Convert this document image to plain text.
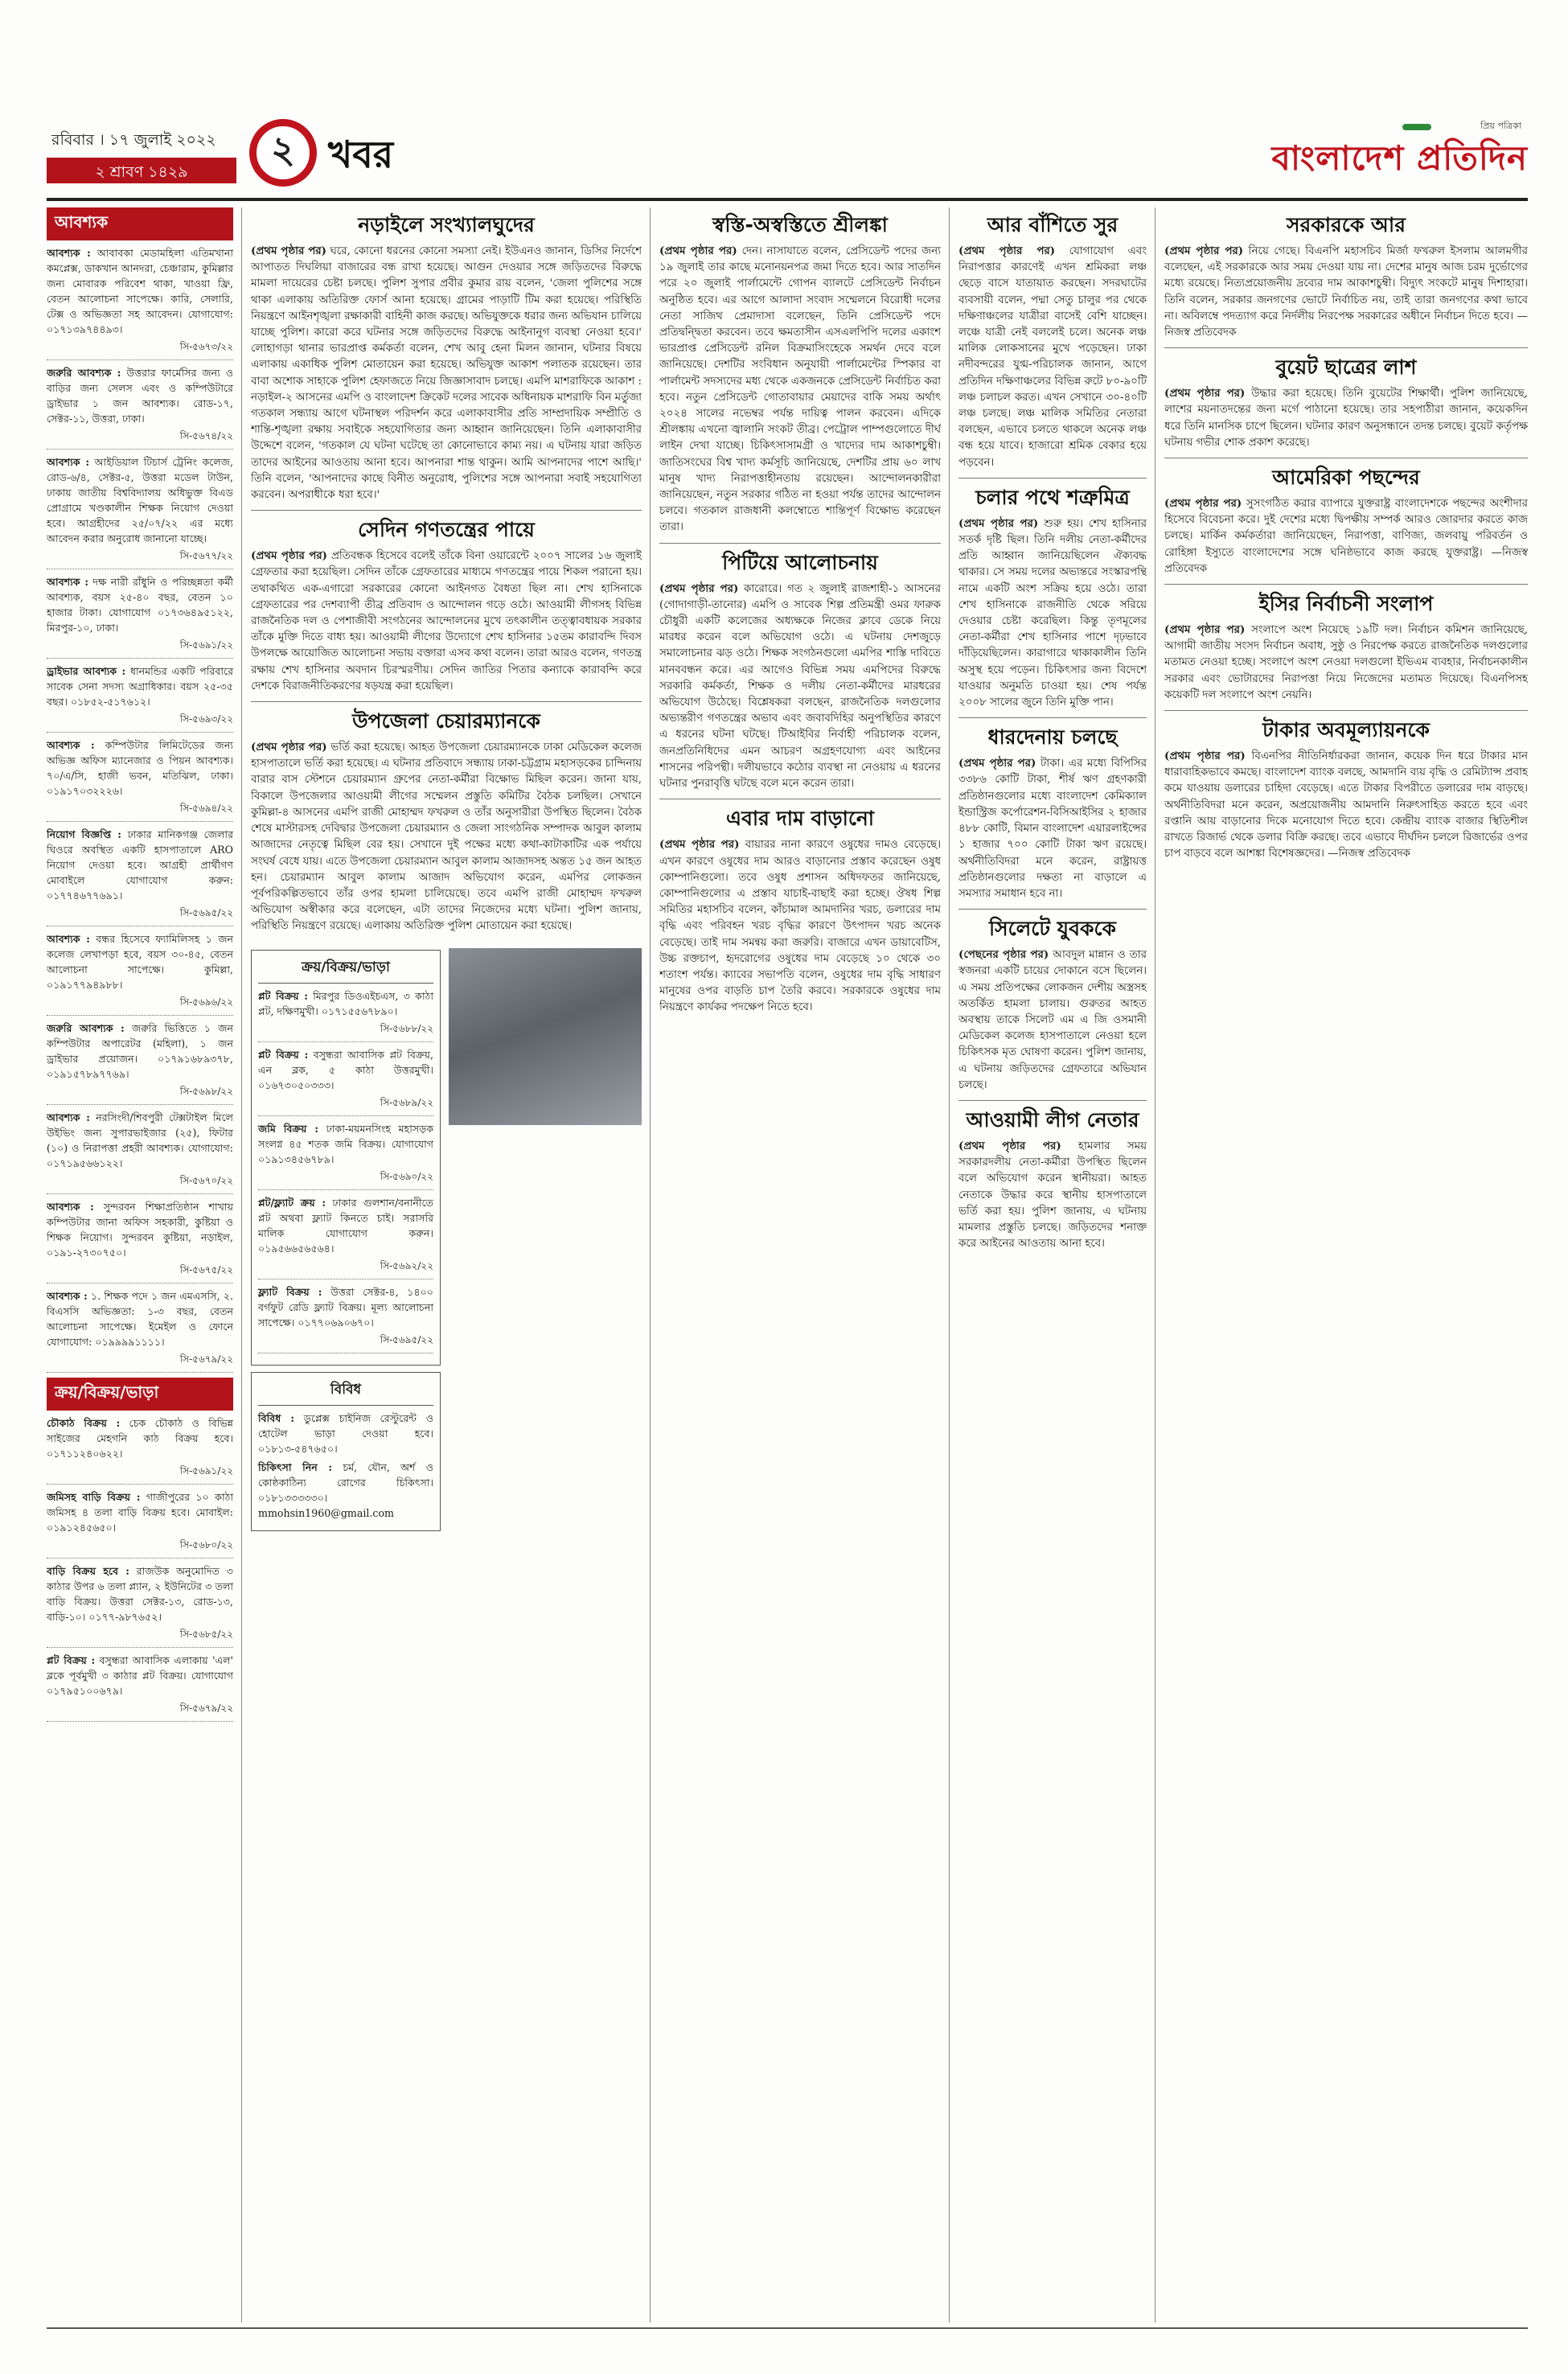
রবিবার । ১৭ জুলাই ২০২২
২ শ্রাবণ ১৪২৯
২ খবর
প্রিয় পত্রিকা
বাংলাদেশ প্রতিদিন
আবশ্যক
আবশ্যক : আবাবকা মেডামহিলা এতিমখানা কমপ্লেক্স, ডাকখান আনদরা, চেঞ্চারাম, কুমিল্লার জন্য মোবারক পরিবেশ থাকা, খাওয়া ফ্রি, বেতন আলোচনা সাপেক্ষে। কারি, সেলারি, টেক্স ও অভিজ্ঞতা সহ আবেদন। যোগাযোগ: ০১৭১৩৯৭৪৪৯৩।
সি-৫৬৭৩/২২
জরুরি আবশ্যক : উত্তরার ফার্মেসির জন্য ও বাড়ির জন্য সেলস এবং ও কম্পিউটারে ড্রাইভার ১ জন আবশ্যক। রোড-১৭, সেক্টর-১১, উত্তরা, ঢাকা।
সি-৫৬৭৪/২২
আবশ্যক : আইডিয়াল টিচার্স ট্রেনিং কলেজ, রোড-৬/৪, সেক্টর-৫, উত্তরা মডেল টাউন, ঢাকায় জাতীয় বিশ্ববিদ্যালয় অধিভুক্ত বিএড প্রোগ্রামে খণ্ডকালীন শিক্ষক নিয়োগ দেওয়া হবে। আগ্রহীদের ২৫/০৭/২২ এর মধ্যে আবেদন করার অনুরোধ জানানো যাচ্ছে।
সি-৫৬৭৭/২২
আবশ্যক : দক্ষ নারী রাঁধুনি ও পরিচ্ছন্নতা কর্মী আবশ্যক, বয়স ২৫-৪০ বছর, বেতন ১০ হাজার টাকা। যোগাযোগ ০১৭৩৬৪৯৫১২২, মিরপুর-১০, ঢাকা।
সি-৫৬৯১/২২
ড্রাইভার আবশ্যক : ধানমন্ডির একটি পরিবারে সাবেক সেনা সদস্য অগ্রাধিকার। বয়স ২৫-৩৫ বছর। ০১৮৫২-৫১৭৬১২।
সি-৫৬৯৩/২২
আবশ্যক : কম্পিউটার লিমিটেডের জন্য অভিজ্ঞ অফিস ম্যানেজার ও পিয়ন আবশ্যক। ৭০/এ/সি, হাজী ভবন, মতিঝিল, ঢাকা। ০১৯১৭০৩২২২৬।
সি-৫৬৯৪/২২
নিয়োগ বিজ্ঞপ্তি : ঢাকার মানিকগঞ্জ জেলার ঘিওরে অবস্থিত একটি হাসপাতালে ARO নিয়োগ দেওয়া হবে। আগ্রহী প্রার্থীগণ মোবাইলে যোগাযোগ করুন: ০১৭৭৪৬৭৭৬৯১।
সি-৫৬৯৫/২২
আবশ্যক : বন্ধর হিসেবে ফ্যামিলিসহ ১ জন কলেজ লেখাপড়া হবে, বয়স ৩০-৪৫, বেতন আলোচনা সাপেক্ষে। কুমিল্লা, ০১৯১৭৭৯৪৯৮৮।
সি-৫৬৯৬/২২
জরুরি আবশ্যক : জরুরি ভিত্তিতে ১ জন কম্পিউটার অপারেটর (মহিলা), ১ জন ড্রাইভার প্রয়োজন। ০১৭৯১৬৮৯৩৭৮, ০১৯১৫৭৮৯৭৭৬৯।
সি-৫৬৯৮/২২
আবশ্যক : নরসিংদী/শিবপুরী টেক্সটাইল মিলে উইভিং জন্য সুপারভাইজার (২৫), ফিটার (১০) ও নিরাপত্তা প্রহরী আবশ্যক। যোগাযোগ: ০১৭১৯৫৬৬১২২।
সি-৫৬৭০/২২
আবশ্যক : সুন্দরবন শিক্ষাপ্রতিষ্ঠান শাখায় কম্পিউটার জানা অফিস সহকারী, কুষ্টিয়া ও শিক্ষক নিয়োগ। সুন্দরবন কুষ্টিয়া, নড়াইল, ০১৯১-২৭৩০৭৫০।
সি-৫৬৭৫/২২
আবশ্যক : ১. শিক্ষক পদে ১ জন এমএসসি, ২. বিএসসি অভিজ্ঞতা: ১-৩ বছর, বেতন আলোচনা সাপেক্ষে। ইমেইল ও ফোনে যোগাযোগ: ০১৯৯৯৯১১১১।
সি-৫৬৭৯/২২
ক্রয়/বিক্রয়/ভাড়া
চৌকাঠ বিক্রয় : চেক চৌকাঠ ও বিভিন্ন সাইজের মেহগনি কাঠ বিক্রয় হবে। ০১৭১১২৪০৬২২।
সি-৫৬৯১/২২
জমিসহ বাড়ি বিক্রয় : গাজীপুরের ১০ কাঠা জমিসহ ৪ তলা বাড়ি বিক্রয় হবে। মোবাইল: ০১৯১২৪৫৬৫০।
সি-৫৬৮০/২২
বাড়ি বিক্রয় হবে : রাজউক অনুমোদিত ৩ কাঠার উপর ৬ তলা প্ল্যান, ২ ইউনিটের ৩ তলা বাড়ি বিক্রয়। উত্তরা সেক্টর-১৩, রোড-১৩, বাড়ি-১০। ০১৭৭-৯৮৭৬৫২।
সি-৫৬৮৫/২২
প্লট বিক্রয় : বসুন্ধরা আবাসিক এলাকায় 'এল' ব্লকে পূর্বমুখী ৩ কাঠার প্লট বিক্রয়। যোগাযোগ ০১৭৯৫১০০৬৭৯।
সি-৫৬৭৯/২২
নড়াইলে সংখ্যালঘুদের
(প্রথম পৃষ্ঠার পর) ঘরে, কোনো ধরনের কোনো সমস্যা নেই। ইউএনও জানান, ডিসির নির্দেশে আপাতত দিঘলিয়া বাজারের বন্ধ রাখা হয়েছে। আগুন দেওয়ার সঙ্গে জড়িতদের বিরুদ্ধে মামলা দায়েরের চেষ্টা চলছে। পুলিশ সুপার প্রবীর কুমার রায় বলেন, 'জেলা পুলিশের সঙ্গে থাকা এলাকায় অতিরিক্ত ফোর্স আনা হয়েছে। গ্রামের পাড়াটি টিম করা হয়েছে। পরিস্থিতি নিয়ন্ত্রণে আইনশৃঙ্খলা রক্ষাকারী বাহিনী কাজ করছে। অভিযুক্তকে ধরার জন্য অভিযান চালিয়ে যাচ্ছে পুলিশ। কারো করে ঘটনার সঙ্গে জড়িতদের বিরুদ্ধে আইনানুগ ব্যবস্থা নেওয়া হবে।' লোহাগড়া থানার ভারপ্রাপ্ত কর্মকর্তা বলেন, শেখ আবু হেনা মিলন জানান, ঘটনার বিষয়ে এলাকায় একাধিক পুলিশ মোতায়েন করা হয়েছে। অভিযুক্ত আকাশ পলাতক রয়েছেন। তার বাবা অশোক সাহাকে পুলিশ হেফাজতে নিয়ে জিজ্ঞাসাবাদ চলছে। এমপি মাশরাফিকে আকাশ : নড়াইল-২ আসনের এমপি ও বাংলাদেশ ক্রিকেট দলের সাবেক অধিনায়ক মাশরাফি বিন মর্তুজা গতকাল সন্ধ্যায় আগে ঘটনাস্থল পরিদর্শন করে এলাকাবাসীর প্রতি সাম্প্রদায়িক সম্প্রীতি ও শান্তি-শৃঙ্খলা রক্ষায় সবাইকে সহযোগিতার জন্য আহ্বান জানিয়েছেন। তিনি এলাকাবাসীর উদ্দেশে বলেন, 'গতকাল যে ঘটনা ঘটেছে তা কোনোভাবে কাম্য নয়। এ ঘটনায় যারা জড়িত তাদের আইনের আওতায় আনা হবে। আপনারা শান্ত থাকুন। আমি আপনাদের পাশে আছি।' তিনি বলেন, 'আপনাদের কাছে বিনীত অনুরোধ, পুলিশের সঙ্গে আপনারা সবাই সহযোগিতা করবেন। অপরাধীকে ধরা হবে।'
সেদিন গণতন্ত্রের পায়ে
(প্রথম পৃষ্ঠার পর) প্রতিবন্ধক হিসেবে বলেই তাঁকে বিনা ওয়ারেন্টে ২০০৭ সালের ১৬ জুলাই গ্রেফতার করা হয়েছিল। সেদিন তাঁকে গ্রেফতারের মাধ্যমে গণতন্ত্রের পায়ে শিকল পরানো হয়। তথাকথিত এক-এগারো সরকারের কোনো আইনগত বৈধতা ছিল না। শেখ হাসিনাকে গ্রেফতারের পর দেশব্যাপী তীব্র প্রতিবাদ ও আন্দোলন গড়ে ওঠে। আওয়ামী লীগসহ বিভিন্ন রাজনৈতিক দল ও পেশাজীবী সংগঠনের আন্দোলনের মুখে তৎকালীন তত্ত্বাবধায়ক সরকার তাঁকে মুক্তি দিতে বাধ্য হয়। আওয়ামী লীগের উদ্যোগে শেখ হাসিনার ১৫তম কারাবন্দি দিবস উপলক্ষে আয়োজিত আলোচনা সভায় বক্তারা এসব কথা বলেন। তারা আরও বলেন, গণতন্ত্র রক্ষায় শেখ হাসিনার অবদান চিরস্মরণীয়। সেদিন জাতির পিতার কন্যাকে কারাবন্দি করে দেশকে বিরাজনীতিকরণের ষড়যন্ত্র করা হয়েছিল।
উপজেলা চেয়ারম্যানকে
(প্রথম পৃষ্ঠার পর) ভর্তি করা হয়েছে। আহত উপজেলা চেয়ারম্যানকে ঢাকা মেডিকেল কলেজ হাসপাতালে ভর্তি করা হয়েছে। এ ঘটনার প্রতিবাদে সন্ধ্যায় ঢাকা-চট্টগ্রাম মহাসড়কের চান্দিনায় বারার বাস স্টেশনে চেয়ারম্যান গ্রুপের নেতা-কর্মীরা বিক্ষোভ মিছিল করেন। জানা যায়, বিকালে উপজেলার আওয়ামী লীগের সম্মেলন প্রস্তুতি কমিটির বৈঠক চলছিল। সেখানে কুমিল্লা-৪ আসনের এমপি রাজী মোহাম্মদ ফখরুল ও তাঁর অনুসারীরা উপস্থিত ছিলেন। বৈঠক শেষে মাস্টারসহ দেবিদ্বার উপজেলা চেয়ারম্যান ও জেলা সাংগঠনিক সম্পাদক আবুল কালাম আজাদের নেতৃত্বে মিছিল বের হয়। সেখানে দুই পক্ষের মধ্যে কথা-কাটাকাটির এক পর্যায়ে সংঘর্ষ বেধে যায়। এতে উপজেলা চেয়ারম্যান আবুল কালাম আজাদসহ অন্তত ১৫ জন আহত হন। চেয়ারম্যান আবুল কালাম আজাদ অভিযোগ করেন, এমপির লোকজন পূর্বপরিকল্পিতভাবে তাঁর ওপর হামলা চালিয়েছে। তবে এমপি রাজী মোহাম্মদ ফখরুল অভিযোগ অস্বীকার করে বলেছেন, এটা তাদের নিজেদের মধ্যে ঘটনা। পুলিশ জানায়, পরিস্থিতি নিয়ন্ত্রণে রয়েছে। এলাকায় অতিরিক্ত পুলিশ মোতায়েন করা হয়েছে।
ক্রয়/বিক্রয়/ভাড়া
প্লট বিক্রয় : মিরপুর ডিওএইচএস, ৩ কাঠা প্লট, দক্ষিণমুখী। ০১৭১৫৫৬৭৮৯০।
সি-৫৬৮৮/২২
প্লট বিক্রয় : বসুন্ধরা আবাসিক প্লট বিক্রয়, এন ব্লক, ৫ কাঠা উত্তরমুখী। ০১৬৭৩০৫০৩৩৩।
সি-৫৬৮৯/২২
জমি বিক্রয় : ঢাকা-ময়মনসিংহ মহাসড়ক সংলগ্ন ৪৫ শতক জমি বিক্রয়। যোগাযোগ ০১৯১৩৪৫৬৭৮৯।
সি-৫৬৯০/২২
প্লট/ফ্ল্যাট ক্রয় : ঢাকার গুলশান/বনানীতে প্লট অথবা ফ্ল্যাট কিনতে চাই। সরাসরি মালিক যোগাযোগ করুন। ০১৯৫৬৬৫৬৫৬৪।
সি-৫৬৯২/২২
ফ্ল্যাট বিক্রয় : উত্তরা সেক্টর-৪, ১৪০০ বর্গফুট রেডি ফ্ল্যাট বিক্রয়। মূল্য আলোচনা সাপেক্ষে। ০১৭৭০৬৯০৬৭০।
সি-৫৬৯৫/২২
বিবিধ
বিবিধ : ডুপ্লেক্স চাইনিজ রেস্টুরেন্ট ও হোটেল ভাড়া দেওয়া হবে। ০১৮১৩-৫৪৭৬৫০।
চিকিৎসা নিন : চর্ম, যৌন, অর্শ ও কোষ্ঠকাঠিন্য রোগের চিকিৎসা। ০১৮১৩৩৩৩৩০। mmohsin1960@gmail.com
স্বস্তি-অস্বস্তিতে শ্রীলঙ্কা
(প্রথম পৃষ্ঠার পর) দেন। নাসাযাতে বলেন, প্রেসিডেন্ট পদের জন্য ১৯ জুলাই তার কাছে মনোনয়নপত্র জমা দিতে হবে। আর সাতদিন পরে ২০ জুলাই পার্লামেন্টে গোপন ব্যালটে প্রেসিডেন্ট নির্বাচন অনুষ্ঠিত হবে। এর আগে আলাদা সংবাদ সম্মেলনে বিরোধী দলের নেতা সাজিথ প্রেমাদাসা বলেছেন, তিনি প্রেসিডেন্ট পদে প্রতিদ্বন্দ্বিতা করবেন। তবে ক্ষমতাসীন এসএলপিপি দলের একাংশ ভারপ্রাপ্ত প্রেসিডেন্ট রনিল বিক্রমাসিংহেকে সমর্থন দেবে বলে জানিয়েছে। দেশটির সংবিধান অনুযায়ী পার্লামেন্টের স্পিকার বা পার্লামেন্ট সদস্যদের মধ্য থেকে একজনকে প্রেসিডেন্ট নির্বাচিত করা হবে। নতুন প্রেসিডেন্ট গোতাবায়ার মেয়াদের বাকি সময় অর্থাৎ ২০২৪ সালের নভেম্বর পর্যন্ত দায়িত্ব পালন করবেন। এদিকে শ্রীলঙ্কায় এখনো জ্বালানি সংকট তীব্র। পেট্রোল পাম্পগুলোতে দীর্ঘ লাইন দেখা যাচ্ছে। চিকিৎসাসামগ্রী ও খাদ্যের দাম আকাশচুম্বী। জাতিসংঘের বিশ্ব খাদ্য কর্মসূচি জানিয়েছে, দেশটির প্রায় ৬০ লাখ মানুষ খাদ্য নিরাপত্তাহীনতায় রয়েছেন। আন্দোলনকারীরা জানিয়েছেন, নতুন সরকার গঠিত না হওয়া পর্যন্ত তাদের আন্দোলন চলবে। গতকাল রাজধানী কলম্বোতে শান্তিপূর্ণ বিক্ষোভ করেছেন তারা।
পিটিয়ে আলোচনায়
(প্রথম পৃষ্ঠার পর) কারোরে। গত ২ জুলাই রাজশাহী-১ আসনের (গোদাগাড়ী-তানোর) এমপি ও সাবেক শিল্প প্রতিমন্ত্রী ওমর ফারুক চৌধুরী একটি কলেজের অধ্যক্ষকে নিজের ক্লাবে ডেকে নিয়ে মারধর করেন বলে অভিযোগ ওঠে। এ ঘটনায় দেশজুড়ে সমালোচনার ঝড় ওঠে। শিক্ষক সংগঠনগুলো এমপির শাস্তি দাবিতে মানববন্ধন করে। এর আগেও বিভিন্ন সময় এমপিদের বিরুদ্ধে সরকারি কর্মকর্তা, শিক্ষক ও দলীয় নেতা-কর্মীদের মারধরের অভিযোগ উঠেছে। বিশ্লেষকরা বলছেন, রাজনৈতিক দলগুলোর অভ্যন্তরীণ গণতন্ত্রের অভাব এবং জবাবদিহির অনুপস্থিতির কারণে এ ধরনের ঘটনা ঘটছে। টিআইবির নির্বাহী পরিচালক বলেন, জনপ্রতিনিধিদের এমন আচরণ অগ্রহণযোগ্য এবং আইনের শাসনের পরিপন্থী। দলীয়ভাবে কঠোর ব্যবস্থা না নেওয়ায় এ ধরনের ঘটনার পুনরাবৃত্তি ঘটছে বলে মনে করেন তারা।
এবার দাম বাড়ানো
(প্রথম পৃষ্ঠার পর) বায়ারর নানা কারণে ওষুধের দামও বেড়েছে। এখন কারণে ওষুধের দাম আরও বাড়ানোর প্রস্তাব করেছেন ওষুধ কোম্পানিগুলো। তবে ওষুধ প্রশাসন অধিদফতর জানিয়েছে, কোম্পানিগুলোর এ প্রস্তাব যাচাই-বাছাই করা হচ্ছে। ঔষধ শিল্প সমিতির মহাসচিব বলেন, কাঁচামাল আমদানির খরচ, ডলারের দাম বৃদ্ধি এবং পরিবহন খরচ বৃদ্ধির কারণে উৎপাদন খরচ অনেক বেড়েছে। তাই দাম সমন্বয় করা জরুরি। বাজারে এখন ডায়াবেটিস, উচ্চ রক্তচাপ, হৃদরোগের ওষুধের দাম বেড়েছে ১০ থেকে ৩০ শতাংশ পর্যন্ত। ক্যাবের সভাপতি বলেন, ওষুধের দাম বৃদ্ধি সাধারণ মানুষের ওপর বাড়তি চাপ তৈরি করবে। সরকারকে ওষুধের দাম নিয়ন্ত্রণে কার্যকর পদক্ষেপ নিতে হবে।
আর বাঁশিতে সুর
(প্রথম পৃষ্ঠার পর) যোগাযোগ এবং নিরাপত্তার কারণেই এখন শ্রমিকরা লঞ্চ ছেড়ে বাসে যাতায়াত করছেন। সদরঘাটের ব্যবসায়ী বলেন, পদ্মা সেতু চালুর পর থেকে দক্ষিণাঞ্চলের যাত্রীরা বাসেই বেশি যাচ্ছেন। লঞ্চে যাত্রী নেই বললেই চলে। অনেক লঞ্চ মালিক লোকসানের মুখে পড়েছেন। ঢাকা নদীবন্দরের যুগ্ম-পরিচালক জানান, আগে প্রতিদিন দক্ষিণাঞ্চলের বিভিন্ন রুটে ৮০-৯০টি লঞ্চ চলাচল করত। এখন সেখানে ৩০-৪০টি লঞ্চ চলছে। লঞ্চ মালিক সমিতির নেতারা বলছেন, এভাবে চলতে থাকলে অনেক লঞ্চ বন্ধ হয়ে যাবে। হাজারো শ্রমিক বেকার হয়ে পড়বেন।
চলার পথে শত্রুমিত্র
(প্রথম পৃষ্ঠার পর) শুরু হয়। শেখ হাসিনার সতর্ক দৃষ্টি ছিল। তিনি দলীয় নেতা-কর্মীদের প্রতি আহ্বান জানিয়েছিলেন ঐক্যবদ্ধ থাকার। সে সময় দলের অভ্যন্তরে সংস্কারপন্থি নামে একটি অংশ সক্রিয় হয়ে ওঠে। তারা শেখ হাসিনাকে রাজনীতি থেকে সরিয়ে দেওয়ার চেষ্টা করেছিল। কিন্তু তৃণমূলের নেতা-কর্মীরা শেখ হাসিনার পাশে দৃঢ়ভাবে দাঁড়িয়েছিলেন। কারাগারে থাকাকালীন তিনি অসুস্থ হয়ে পড়েন। চিকিৎসার জন্য বিদেশে যাওয়ার অনুমতি চাওয়া হয়। শেষ পর্যন্ত ২০০৮ সালের জুনে তিনি মুক্তি পান।
ধারদেনায় চলছে
(প্রথম পৃষ্ঠার পর) টাকা। এর মধ্যে বিপিসির ৩৩৮৬ কোটি টাকা, শীর্ষ ঋণ গ্রহণকারী প্রতিষ্ঠানগুলোর মধ্যে বাংলাদেশ কেমিক্যাল ইন্ডাস্ট্রিজ কর্পোরেশন-বিসিআইসির ২ হাজার ৪৮৮ কোটি, বিমান বাংলাদেশ এয়ারলাইন্সের ১ হাজার ৭০০ কোটি টাকা ঋণ রয়েছে। অর্থনীতিবিদরা মনে করেন, রাষ্ট্রায়ত্ত প্রতিষ্ঠানগুলোর দক্ষতা না বাড়ালে এ সমস্যার সমাধান হবে না।
সিলেটে যুবককে
(পেছনের পৃষ্ঠার পর) আবদুল মান্নান ও তার স্বজনরা একটি চায়ের দোকানে বসে ছিলেন। এ সময় প্রতিপক্ষের লোকজন দেশীয় অস্ত্রসহ অতর্কিত হামলা চালায়। গুরুতর আহত অবস্থায় তাকে সিলেট এম এ জি ওসমানী মেডিকেল কলেজ হাসপাতালে নেওয়া হলে চিকিৎসক মৃত ঘোষণা করেন। পুলিশ জানায়, এ ঘটনায় জড়িতদের গ্রেফতারে অভিযান চলছে।
আওয়ামী লীগ নেতার
(প্রথম পৃষ্ঠার পর) হামলার সময় সরকারদলীয় নেতা-কর্মীরা উপস্থিত ছিলেন বলে অভিযোগ করেন স্থানীয়রা। আহত নেতাকে উদ্ধার করে স্থানীয় হাসপাতালে ভর্তি করা হয়। পুলিশ জানায়, এ ঘটনায় মামলার প্রস্তুতি চলছে। জড়িতদের শনাক্ত করে আইনের আওতায় আনা হবে।
সরকারকে আর
(প্রথম পৃষ্ঠার পর) নিয়ে গেছে। বিএনপি মহাসচিব মির্জা ফখরুল ইসলাম আলমগীর বলেছেন, এই সরকারকে আর সময় দেওয়া যায় না। দেশের মানুষ আজ চরম দুর্ভোগের মধ্যে রয়েছে। নিত্যপ্রয়োজনীয় দ্রব্যের দাম আকাশচুম্বী। বিদ্যুৎ সংকটে মানুষ দিশাহারা। তিনি বলেন, সরকার জনগণের ভোটে নির্বাচিত নয়, তাই তারা জনগণের কথা ভাবে না। অবিলম্বে পদত্যাগ করে নির্দলীয় নিরপেক্ষ সরকারের অধীনে নির্বাচন দিতে হবে। —নিজস্ব প্রতিবেদক
বুয়েট ছাত্রের লাশ
(প্রথম পৃষ্ঠার পর) উদ্ধার করা হয়েছে। তিনি বুয়েটের শিক্ষার্থী। পুলিশ জানিয়েছে, লাশের ময়নাতদন্তের জন্য মর্গে পাঠানো হয়েছে। তার সহপাঠীরা জানান, কয়েকদিন ধরে তিনি মানসিক চাপে ছিলেন। ঘটনার কারণ অনুসন্ধানে তদন্ত চলছে। বুয়েট কর্তৃপক্ষ ঘটনায় গভীর শোক প্রকাশ করেছে।
আমেরিকা পছন্দের
(প্রথম পৃষ্ঠার পর) সুসংগঠিত করার ব্যাপারে যুক্তরাষ্ট্র বাংলাদেশকে পছন্দের অংশীদার হিসেবে বিবেচনা করে। দুই দেশের মধ্যে দ্বিপক্ষীয় সম্পর্ক আরও জোরদার করতে কাজ চলছে। মার্কিন কর্মকর্তারা জানিয়েছেন, নিরাপত্তা, বাণিজ্য, জলবায়ু পরিবর্তন ও রোহিঙ্গা ইস্যুতে বাংলাদেশের সঙ্গে ঘনিষ্ঠভাবে কাজ করছে যুক্তরাষ্ট্র। —নিজস্ব প্রতিবেদক
ইসির নির্বাচনী সংলাপ
(প্রথম পৃষ্ঠার পর) সংলাপে অংশ নিয়েছে ১৯টি দল। নির্বাচন কমিশন জানিয়েছে, আগামী জাতীয় সংসদ নির্বাচন অবাধ, সুষ্ঠু ও নিরপেক্ষ করতে রাজনৈতিক দলগুলোর মতামত নেওয়া হচ্ছে। সংলাপে অংশ নেওয়া দলগুলো ইভিএম ব্যবহার, নির্বাচনকালীন সরকার এবং ভোটারদের নিরাপত্তা নিয়ে নিজেদের মতামত দিয়েছে। বিএনপিসহ কয়েকটি দল সংলাপে অংশ নেয়নি।
টাকার অবমূল্যায়নকে
(প্রথম পৃষ্ঠার পর) বিএনপির নীতিনির্ধারকরা জানান, কয়েক দিন ধরে টাকার মান ধারাবাহিকভাবে কমছে। বাংলাদেশ ব্যাংক বলছে, আমদানি ব্যয় বৃদ্ধি ও রেমিট্যান্স প্রবাহ কমে যাওয়ায় ডলারের চাহিদা বেড়েছে। এতে টাকার বিপরীতে ডলারের দাম বাড়ছে। অর্থনীতিবিদরা মনে করেন, অপ্রয়োজনীয় আমদানি নিরুৎসাহিত করতে হবে এবং রপ্তানি আয় বাড়ানোর দিকে মনোযোগ দিতে হবে। কেন্দ্রীয় ব্যাংক বাজার স্থিতিশীল রাখতে রিজার্ভ থেকে ডলার বিক্রি করছে। তবে এভাবে দীর্ঘদিন চললে রিজার্ভের ওপর চাপ বাড়বে বলে আশঙ্কা বিশেষজ্ঞদের। —নিজস্ব প্রতিবেদক
